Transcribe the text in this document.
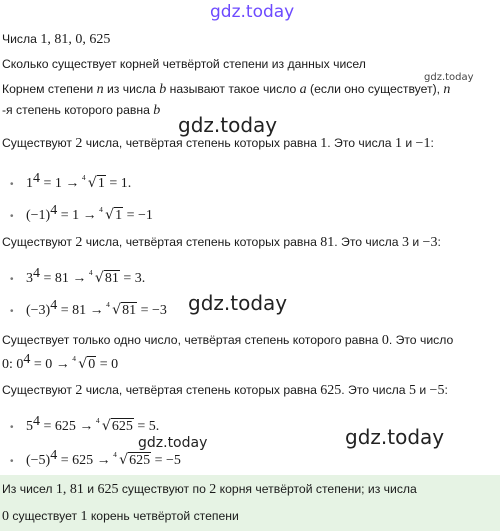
gdz.today
gdz.today
gdz.today
gdz.today
gdz.today
gdz.today
Числа 1, 81, 0, 625
Сколько существует корней четвёртой степени из данных чисел
Корнем степени n из числа b называют такое число a (если оно существует), n
-я степень которого равна b
Существуют 2 числа, четвёртая степень которых равна 1. Это числа 1 и −1:
• $1^4 = 1 \to 4$ √1 = 1.
• $(-1)^4 = 1 \to 4$ √1 = −1
Существуют 2 числа, четвёртая степень которых равна 81. Это числа 3 и −3:
• $3^4 = 81 \to 4$ √81 = 3.
• $(-3)^4 = 81 \to 4$ √81 = −3
Существует только одно число, четвёртая степень которого равна 0. Это число
0: $0^4 = 0 \to 4$ √0 = 0
Существуют 2 числа, четвёртая степень которых равна 625. Это числа 5 и −5:
• $5^4 = 625 \to 4$ √625 = 5.
• $(-5)^4 = 625 \to 4$ √625 = −5
Из чисел 1, 81 и 625 существуют по 2 корня четвёртой степени; из числа
0 существует 1 корень четвёртой степени
